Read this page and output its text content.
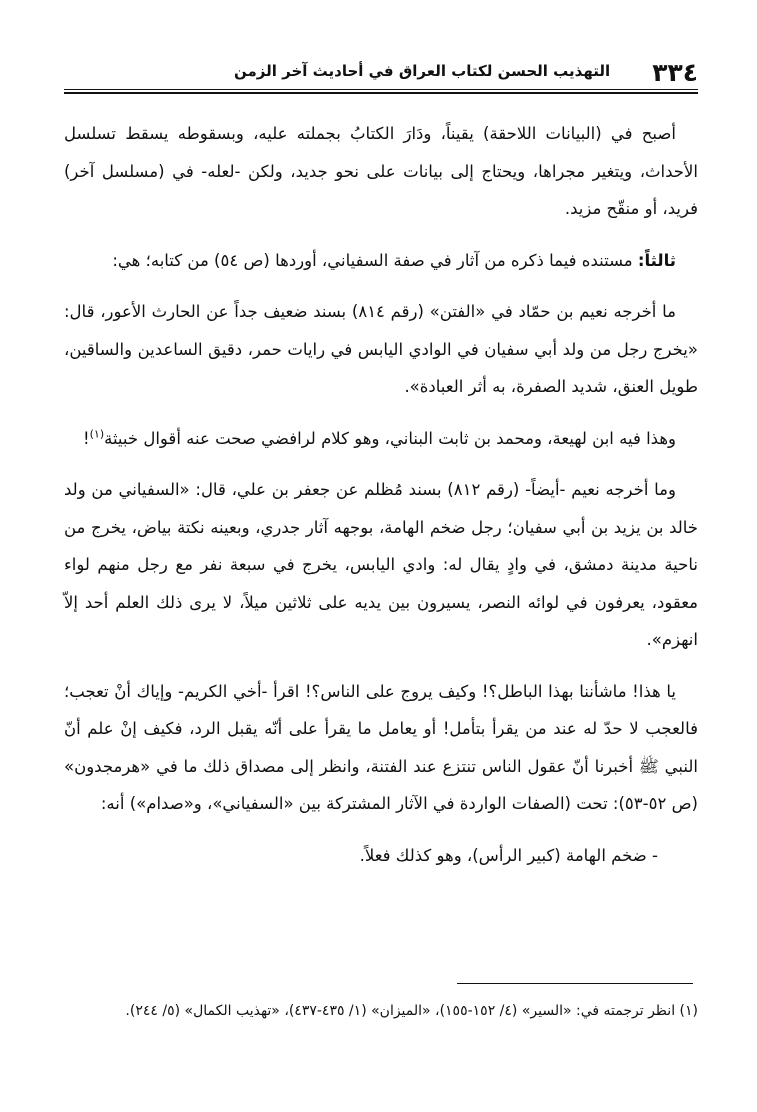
٣٣٤
التهذيب الحسن لكتاب العراق في أحاديث آخر الزمن

أصبح في (البيانات اللاحقة) يقيناً، ودَارَ الكتابُ بجملته عليه، وبسقوطه يسقط تسلسل الأحداث، ويتغير مجراها، ويحتاج إلى بيانات على نحو جديد، ولكن -لعله- في (مسلسل آخر) فريد، أو منقّح مزيد.

ثالثاً: مستنده فيما ذكره من آثار في صفة السفياني، أوردها (ص ٥٤) من كتابه؛ هي:

ما أخرجه نعيم بن حمّاد في «الفتن» (رقم ٨١٤) بسند ضعيف جداً عن الحارث الأعور، قال: «يخرج رجل من ولد أبي سفيان في الوادي اليابس في رايات حمر، دقيق الساعدين والساقين، طويل العنق، شديد الصفرة، به أثر العبادة».

وهذا فيه ابن لهيعة، ومحمد بن ثابت البناني، وهو كلام لرافضي صحت عنه أقوال خبيثة$^{(١)}$!

وما أخرجه نعيم -أيضاً- (رقم ٨١٢) بسند مُظلم عن جعفر بن علي، قال: «السفياني من ولد خالد بن يزيد بن أبي سفيان؛ رجل ضخم الهامة، بوجهه آثار جدري، وبعينه نكتة بياض، يخرج من ناحية مدينة دمشق، في وادٍ يقال له: وادي اليابس، يخرج في سبعة نفر مع رجل منهم لواء معقود، يعرفون في لوائه النصر، يسيرون بين يديه على ثلاثين ميلاً، لا يرى ذلك العلم أحد إلاّ انهزم».

يا هذا! ماشأننا بهذا الباطل؟! وكيف يروج على الناس؟! اقرأ -أخي الكريم- وإياك أنْ تعجب؛ فالعجب لا حدّ له عند من يقرأ بتأمل! أو يعامل ما يقرأ على أنّه يقبل الرد، فكيف إنْ علم أنّ النبي ﷺ أخبرنا أنّ عقول الناس تنتزع عند الفتنة، وانظر إلى مصداق ذلك ما في «هرمجدون» (ص ٥٢-٥٣): تحت (الصفات الواردة في الآثار المشتركة بين «السفياني»، و«صدام») أنه:

- ضخم الهامة (كبير الرأس)، وهو كذلك فعلاً.

(١) انظر ترجمته في: «السير» (٤/ ١٥٢-١٥٥)، «الميزان» (١/ ٤٣٥-٤٣٧)، «تهذيب الكمال» (٥/ ٢٤٤).
